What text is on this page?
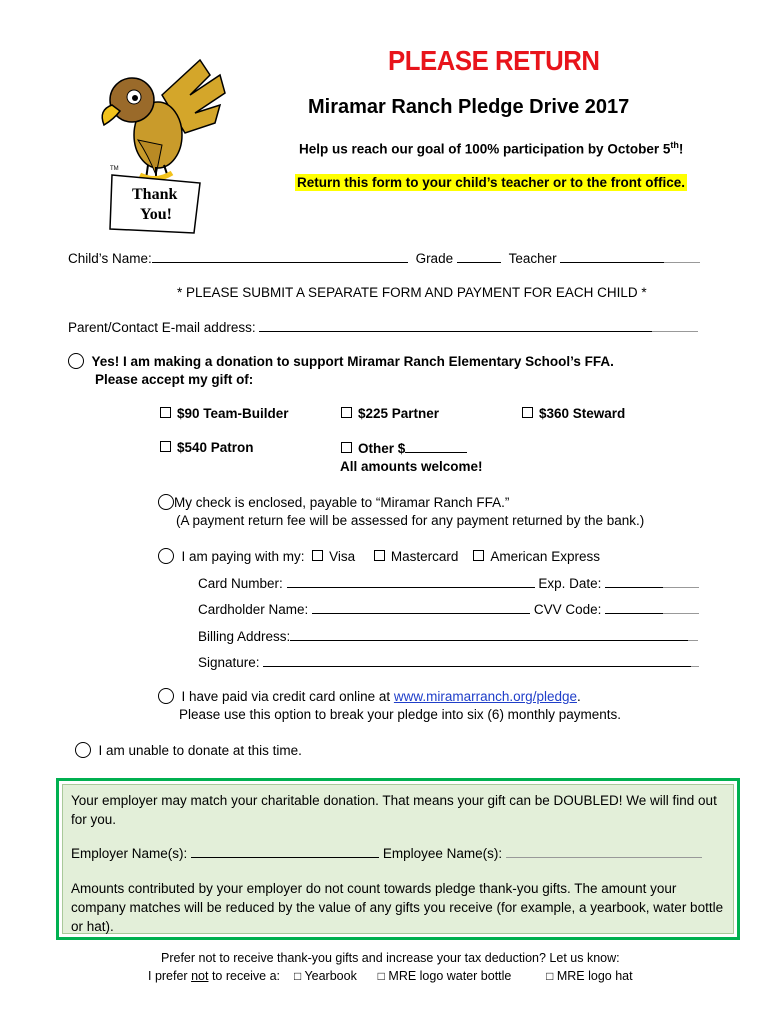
TM
Thank
You!
PLEASE RETURN
Miramar Ranch Pledge Drive 2017
Help us reach our goal of 100% participation by October 5th!
Return this form to your child’s teacher or to the front office.
Child’s Name:	Grade	Teacher
* PLEASE SUBMIT A SEPARATE FORM AND PAYMENT FOR EACH CHILD *
Parent/Contact E-mail address:
Yes! I am making a donation to support Miramar Ranch Elementary School’s FFA.
Please accept my gift of:
$90 Team-Builder	$225 Partner	$360 Steward
$540 Patron	Other $
All amounts welcome!
My check is enclosed, payable to “Miramar Ranch FFA.”
(A payment return fee will be assessed for any payment returned by the bank.)
I am paying with my: Visa	Mastercard American Express
Card Number:	Exp. Date:
Cardholder Name:	CVV Code:
Billing Address:
Signature:
I have paid via credit card online at www.miramarranch.org/pledge.
Please use this option to break your pledge into six (6) monthly payments.
I am unable to donate at this time.
Your employer may match your charitable donation. That means your gift can be DOUBLED! We will find out for you.
Employer Name(s):	Employee Name(s):
Amounts contributed by your employer do not count towards pledge thank-you gifts. The amount your company matches will be reduced by the value of any gifts you receive (for example, a yearbook, water bottle or hat).
Prefer not to receive thank-you gifts and increase your tax deduction? Let us know:
I prefer not to receive a: □ Yearbook □ MRE logo water bottle	□ MRE logo hat
